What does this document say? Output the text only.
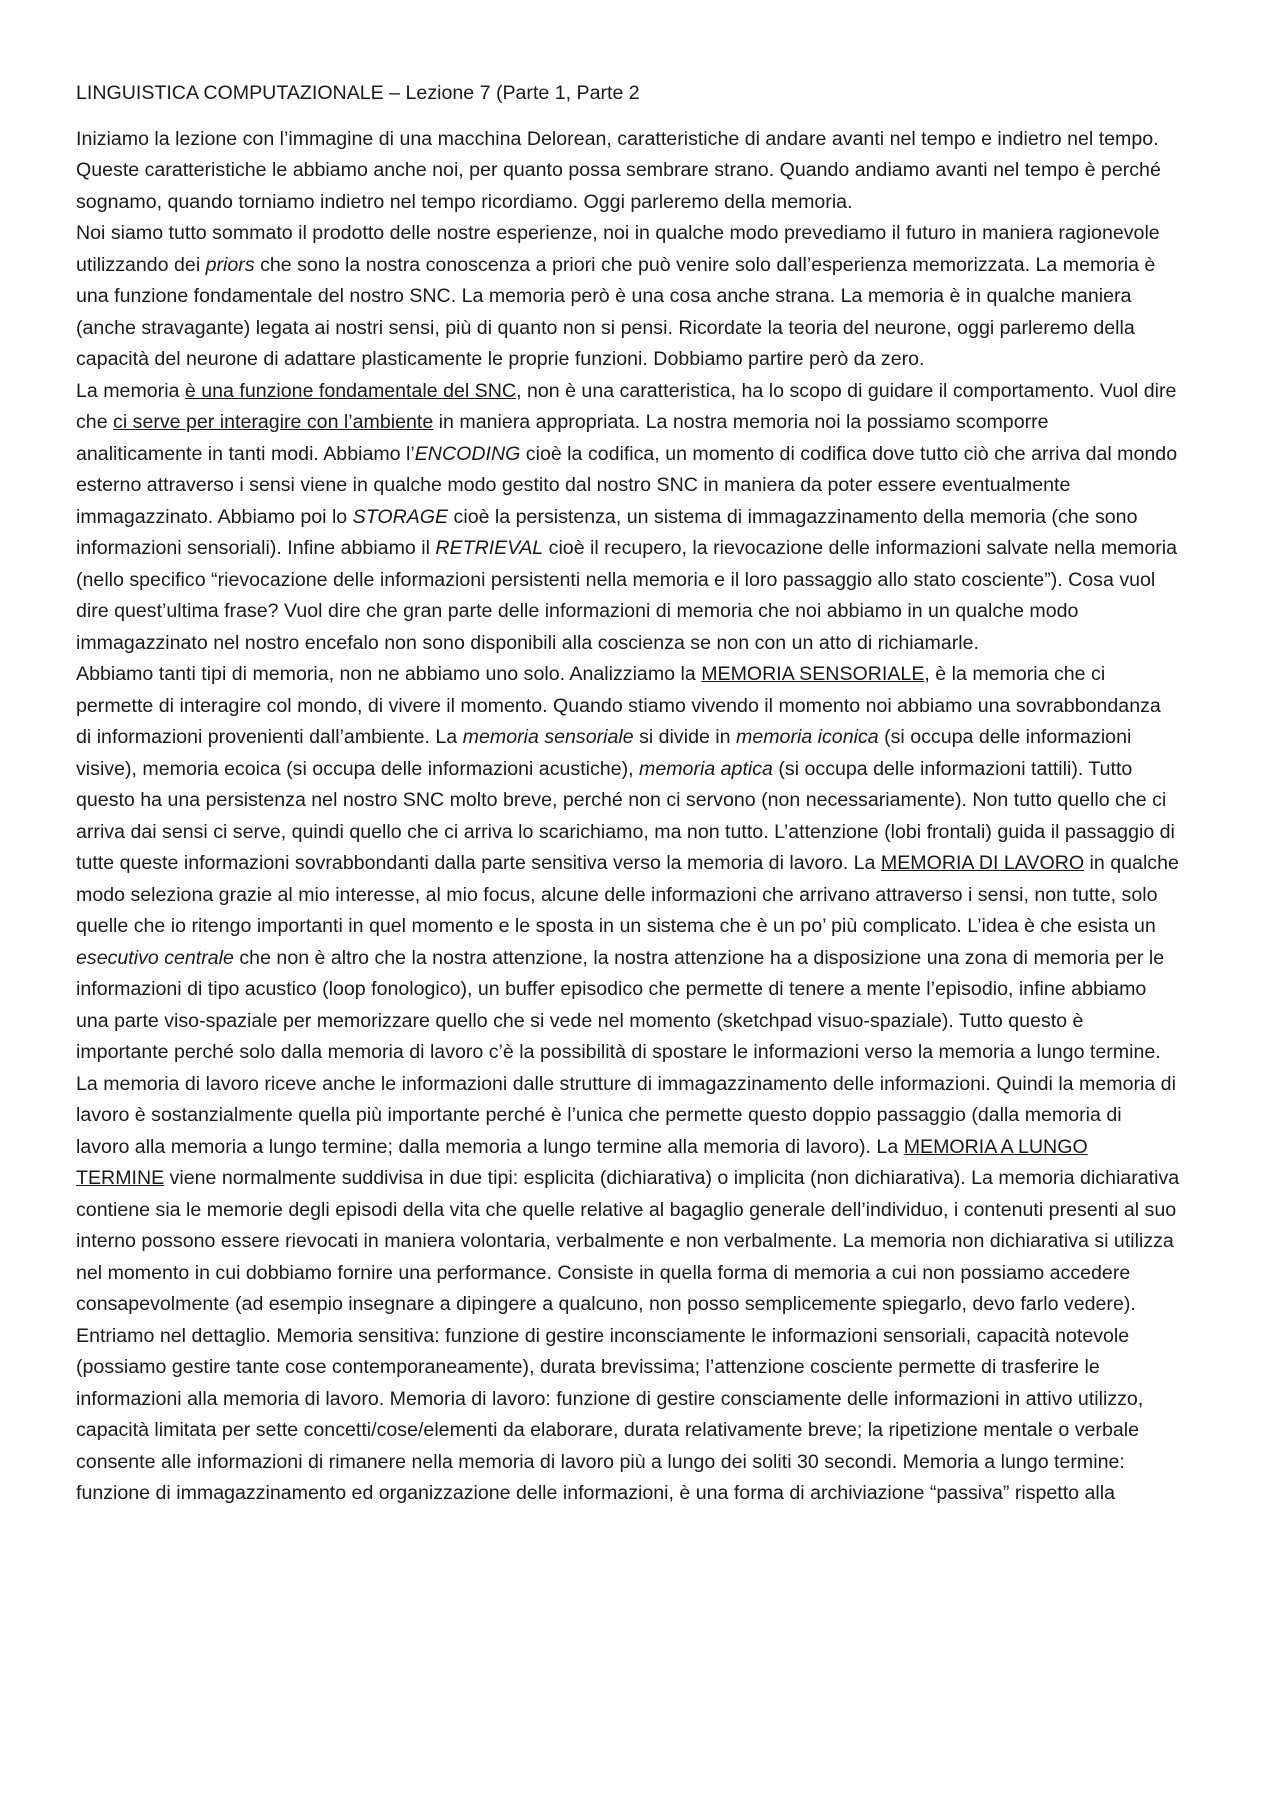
LINGUISTICA COMPUTAZIONALE – Lezione 7 (Parte 1, Parte 2

Iniziamo la lezione con l’immagine di una macchina Delorean, caratteristiche di andare avanti nel tempo e indietro nel tempo. Queste caratteristiche le abbiamo anche noi, per quanto possa sembrare strano. Quando andiamo avanti nel tempo è perché sognamo, quando torniamo indietro nel tempo ricordiamo. Oggi parleremo della memoria.

Noi siamo tutto sommato il prodotto delle nostre esperienze, noi in qualche modo prevediamo il futuro in maniera ragionevole utilizzando dei priors che sono la nostra conoscenza a priori che può venire solo dall’esperienza memorizzata. La memoria è una funzione fondamentale del nostro SNC. La memoria però è una cosa anche strana. La memoria è in qualche maniera (anche stravagante) legata ai nostri sensi, più di quanto non si pensi. Ricordate la teoria del neurone, oggi parleremo della capacità del neurone di adattare plasticamente le proprie funzioni. Dobbiamo partire però da zero.

La memoria è una funzione fondamentale del SNC, non è una caratteristica, ha lo scopo di guidare il comportamento. Vuol dire che ci serve per interagire con l’ambiente in maniera appropriata. La nostra memoria noi la possiamo scomporre analiticamente in tanti modi. Abbiamo l’ENCODING cioè la codifica, un momento di codifica dove tutto ciò che arriva dal mondo esterno attraverso i sensi viene in qualche modo gestito dal nostro SNC in maniera da poter essere eventualmente immagazzinato. Abbiamo poi lo STORAGE cioè la persistenza, un sistema di immagazzinamento della memoria (che sono informazioni sensoriali). Infine abbiamo il RETRIEVAL cioè il recupero, la rievocazione delle informazioni salvate nella memoria (nello specifico “rievocazione delle informazioni persistenti nella memoria e il loro passaggio allo stato cosciente”). Cosa vuol dire quest’ultima frase? Vuol dire che gran parte delle informazioni di memoria che noi abbiamo in un qualche modo immagazzinato nel nostro encefalo non sono disponibili alla coscienza se non con un atto di richiamarle.

Abbiamo tanti tipi di memoria, non ne abbiamo uno solo. Analizziamo la MEMORIA SENSORIALE, è la memoria che ci permette di interagire col mondo, di vivere il momento. Quando stiamo vivendo il momento noi abbiamo una sovrabbondanza di informazioni provenienti dall’ambiente. La memoria sensoriale si divide in memoria iconica (si occupa delle informazioni visive), memoria ecoica (si occupa delle informazioni acustiche), memoria aptica (si occupa delle informazioni tattili). Tutto questo ha una persistenza nel nostro SNC molto breve, perché non ci servono (non necessariamente). Non tutto quello che ci arriva dai sensi ci serve, quindi quello che ci arriva lo scarichiamo, ma non tutto. L’attenzione (lobi frontali) guida il passaggio di tutte queste informazioni sovrabbondanti dalla parte sensitiva verso la memoria di lavoro. La MEMORIA DI LAVORO in qualche modo seleziona grazie al mio interesse, al mio focus, alcune delle informazioni che arrivano attraverso i sensi, non tutte, solo quelle che io ritengo importanti in quel momento e le sposta in un sistema che è un po’ più complicato. L’idea è che esista un esecutivo centrale che non è altro che la nostra attenzione, la nostra attenzione ha a disposizione una zona di memoria per le informazioni di tipo acustico (loop fonologico), un buffer episodico che permette di tenere a mente l’episodio, infine abbiamo una parte viso-spaziale per memorizzare quello che si vede nel momento (sketchpad visuo-spaziale). Tutto questo è importante perché solo dalla memoria di lavoro c’è la possibilità di spostare le informazioni verso la memoria a lungo termine. La memoria di lavoro riceve anche le informazioni dalle strutture di immagazzinamento delle informazioni. Quindi la memoria di lavoro è sostanzialmente quella più importante perché è l’unica che permette questo doppio passaggio (dalla memoria di lavoro alla memoria a lungo termine; dalla memoria a lungo termine alla memoria di lavoro). La MEMORIA A LUNGO TERMINE viene normalmente suddivisa in due tipi: esplicita (dichiarativa) o implicita (non dichiarativa). La memoria dichiarativa contiene sia le memorie degli episodi della vita che quelle relative al bagaglio generale dell’individuo, i contenuti presenti al suo interno possono essere rievocati in maniera volontaria, verbalmente e non verbalmente. La memoria non dichiarativa si utilizza nel momento in cui dobbiamo fornire una performance. Consiste in quella forma di memoria a cui non possiamo accedere consapevolmente (ad esempio insegnare a dipingere a qualcuno, non posso semplicemente spiegarlo, devo farlo vedere).

Entriamo nel dettaglio. Memoria sensitiva: funzione di gestire inconsciamente le informazioni sensoriali, capacità notevole (possiamo gestire tante cose contemporaneamente), durata brevissima; l’attenzione cosciente permette di trasferire le informazioni alla memoria di lavoro. Memoria di lavoro: funzione di gestire consciamente delle informazioni in attivo utilizzo, capacità limitata per sette concetti/cose/elementi da elaborare, durata relativamente breve; la ripetizione mentale o verbale consente alle informazioni di rimanere nella memoria di lavoro più a lungo dei soliti 30 secondi. Memoria a lungo termine: funzione di immagazzinamento ed organizzazione delle informazioni, è una forma di archiviazione “passiva” rispetto alla
